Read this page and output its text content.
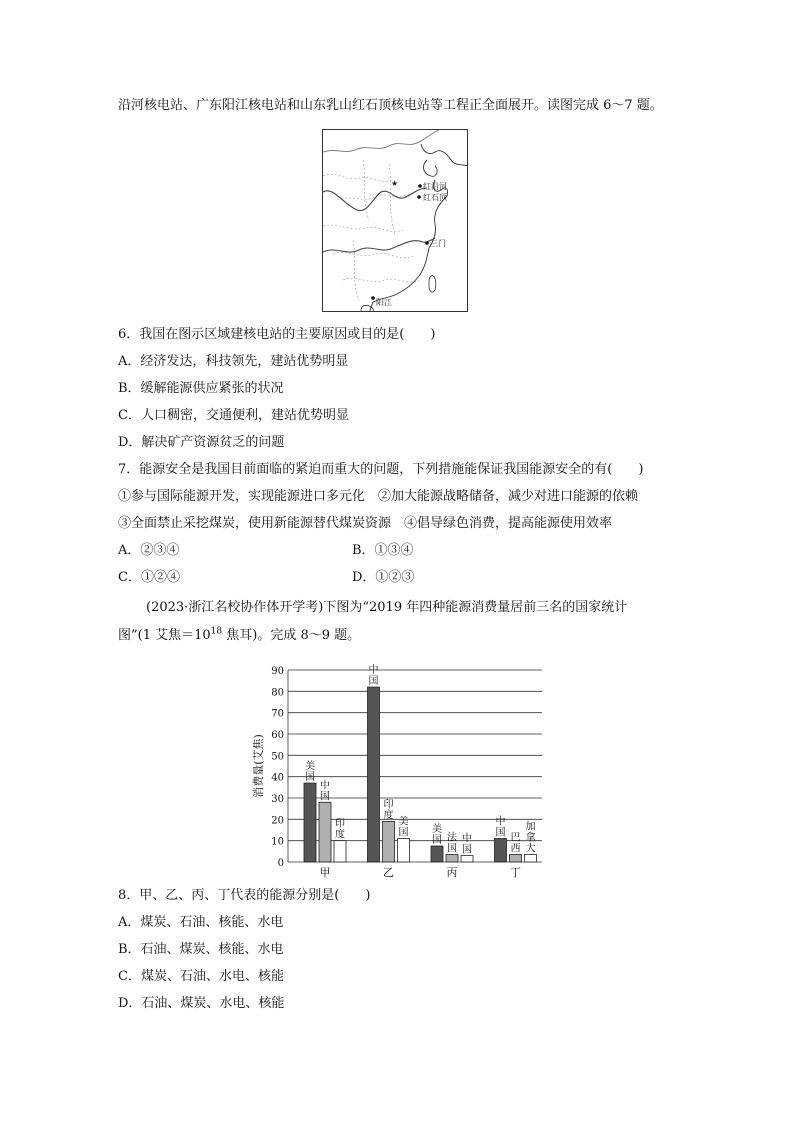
沿河核电站、广东阳江核电站和山东乳山红石顶核电站等工程正全面展开。读图完成 6～7 题。
★	红沿河
红石顶
三门
阳江
6．我国在图示区域建核电站的主要原因或目的是(　　)
A．经济发达，科技领先，建站优势明显
B．缓解能源供应紧张的状况
C．人口稠密，交通便利，建站优势明显
D．解决矿产资源贫乏的问题
7．能源安全是我国目前面临的紧迫而重大的问题，下列措施能保证我国能源安全的有(　　)
①参与国际能源开发，实现能源进口多元化　②加大能源战略储备，减少对进口能源的依赖
③全面禁止采挖煤炭，使用新能源替代煤炭资源　④倡导绿色消费，提高能源使用效率
A．②③④	B．①③④
C．①②④	D．①②③
(2023·浙江名校协作体开学考)下图为“2019 年四种能源消费量居前三名的国家统计
图”(1 艾焦$=10^{18}$ 焦耳)。完成 8～9 题。
0
10
20
30
40
50
60
70
80
90
消费量(艾焦)	美国
中国
印度
甲
中国
印度
美国
乙
美国 法国
中国
丙
中国 巴西
加拿大
丁
8．甲、乙、丙、丁代表的能源分别是(　　)
A．煤炭、石油、核能、水电
B．石油、煤炭、核能、水电
C．煤炭、石油、水电、核能
D．石油、煤炭、水电、核能
